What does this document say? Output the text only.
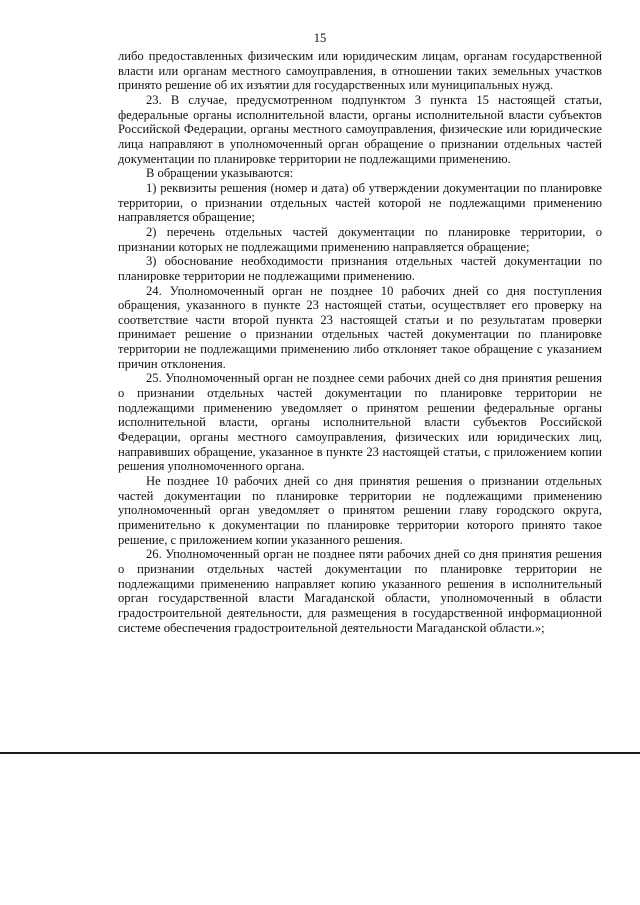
15

либо предоставленных физическим или юридическим лицам, органам государственной власти или органам местного самоуправления, в отношении таких земельных участков принято решение об их изъятии для государственных или муниципальных нужд.

23. В случае, предусмотренном подпунктом 3 пункта 15 настоящей статьи, федеральные органы исполнительной власти, органы исполнительной власти субъектов Российской Федерации, органы местного самоуправления, физические или юридические лица направляют в уполномоченный орган обращение о признании отдельных частей документации по планировке территории не подлежащими применению.

В обращении указываются:

1) реквизиты решения (номер и дата) об утверждении документации по планировке территории, о признании отдельных частей которой не подлежащими применению направляется обращение;

2) перечень отдельных частей документации по планировке территории, о признании которых не подлежащими применению направляется обращение;

3) обоснование необходимости признания отдельных частей документации по планировке территории не подлежащими применению.

24. Уполномоченный орган не позднее 10 рабочих дней со дня поступления обращения, указанного в пункте 23 настоящей статьи, осуществляет его проверку на соответствие части второй пункта 23 настоящей статьи и по результатам проверки принимает решение о признании отдельных частей документации по планировке территории не подлежащими применению либо отклоняет такое обращение с указанием причин отклонения.

25. Уполномоченный орган не позднее семи рабочих дней со дня принятия решения о признании отдельных частей документации по планировке территории не подлежащими применению уведомляет о принятом решении федеральные органы исполнительной власти, органы исполнительной власти субъектов Российской Федерации, органы местного самоуправления, физических или юридических лиц, направивших обращение, указанное в пункте 23 настоящей статьи, с приложением копии решения уполномоченного органа.

Не позднее 10 рабочих дней со дня принятия решения о признании отдельных частей документации по планировке территории не подлежащими применению уполномоченный орган уведомляет о принятом решении главу городского округа, применительно к документации по планировке территории которого принято такое решение, с приложением копии указанного решения.

26. Уполномоченный орган не позднее пяти рабочих дней со дня принятия решения о признании отдельных частей документации по планировке территории не подлежащими применению направляет копию указанного решения в исполнительный орган государственной власти Магаданской области, уполномоченный в области градостроительной деятельности, для размещения в государственной информационной системе обеспечения градостроительной деятельности Магаданской области.»;
